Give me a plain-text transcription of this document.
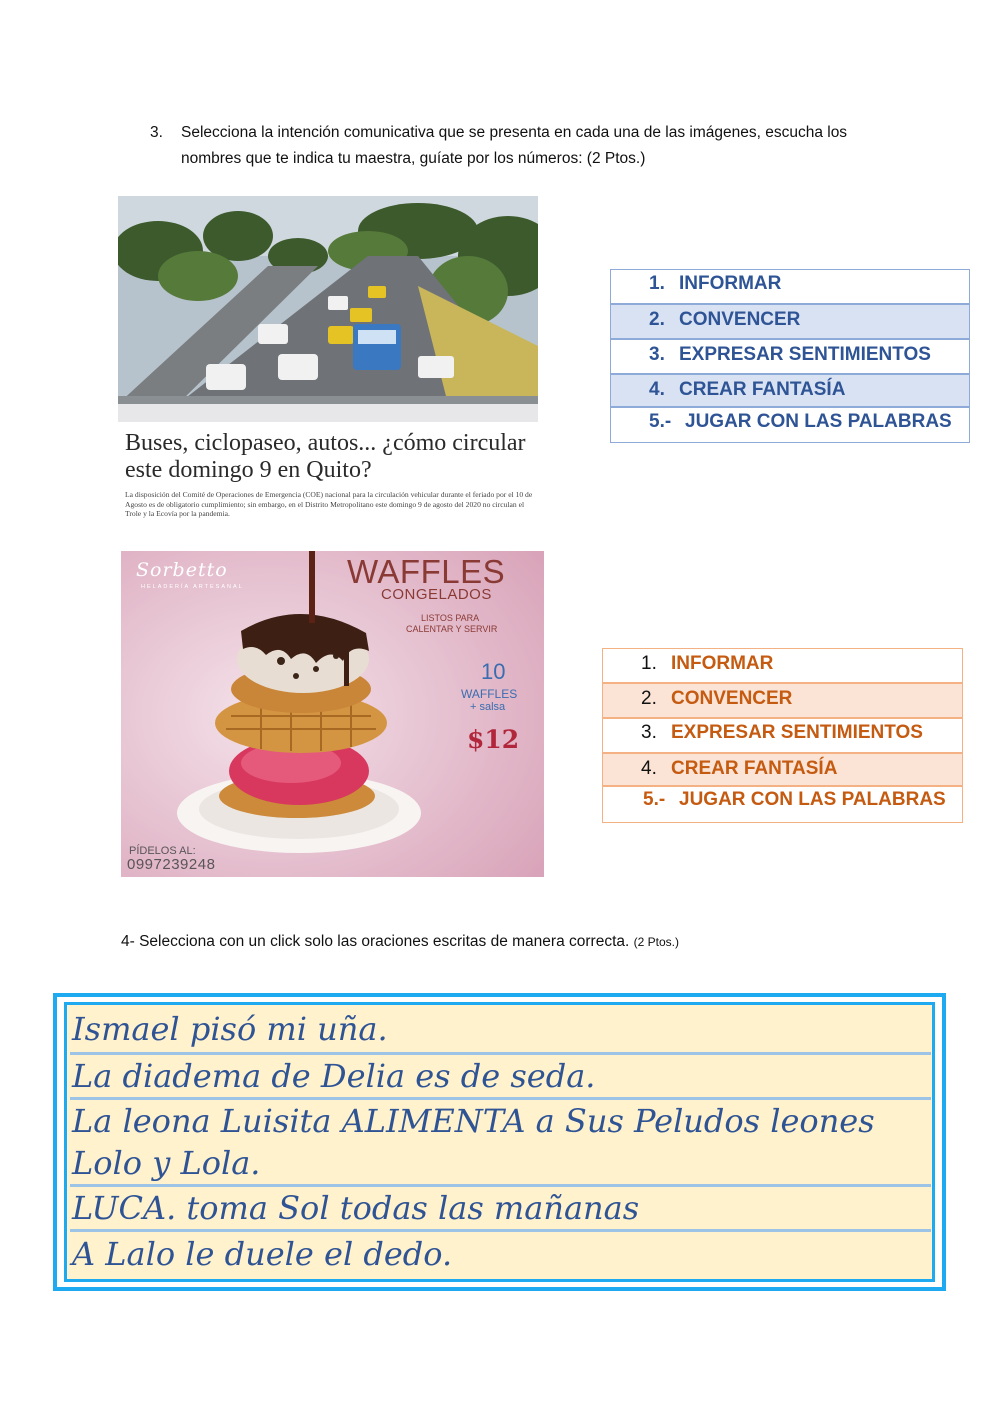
3. Selecciona la intención comunicativa que se presenta en cada una de las imágenes, escucha los nombres que te indica tu maestra, guíate por los números: (2 Ptos.)
Buses, ciclopaseo, autos... ¿cómo circular este domingo 9 en Quito?
La disposición del Comité de Operaciones de Emergencia (COE) nacional para la circulación vehicular durante el feriado por el 10 de Agosto es de obligatorio cumplimiento; sin embargo, en el Distrito Metropolitano este domingo 9 de agosto del 2020 no circulan el Trole y la Ecovía por la pandemia.
1. INFORMAR
2. CONVENCER
3. EXPRESAR SENTIMIENTOS
4. CREAR FANTASÍA
5.- JUGAR CON LAS PALABRAS
Sorbetto
HELADERÍA ARTESANAL	WAFFLES
CONGELADOS
LISTOS PARA
CALENTAR Y SERVIR
10
WAFFLES
+ salsa
$12
PÍDELOS AL:
0997239248
1. INFORMAR
2. CONVENCER
3. EXPRESAR SENTIMIENTOS
4. CREAR FANTASÍA
5.- JUGAR CON LAS PALABRAS
4- Selecciona con un click solo las oraciones escritas de manera correcta. (2 Ptos.)
Ismael pisó mi uña.
La diadema de Delia es de seda.
La leona Luisita ALIMENTA a Sus Peludos leones
Lolo y Lola.
LUCA. toma Sol todas las mañanas
A Lalo le duele el dedo.
